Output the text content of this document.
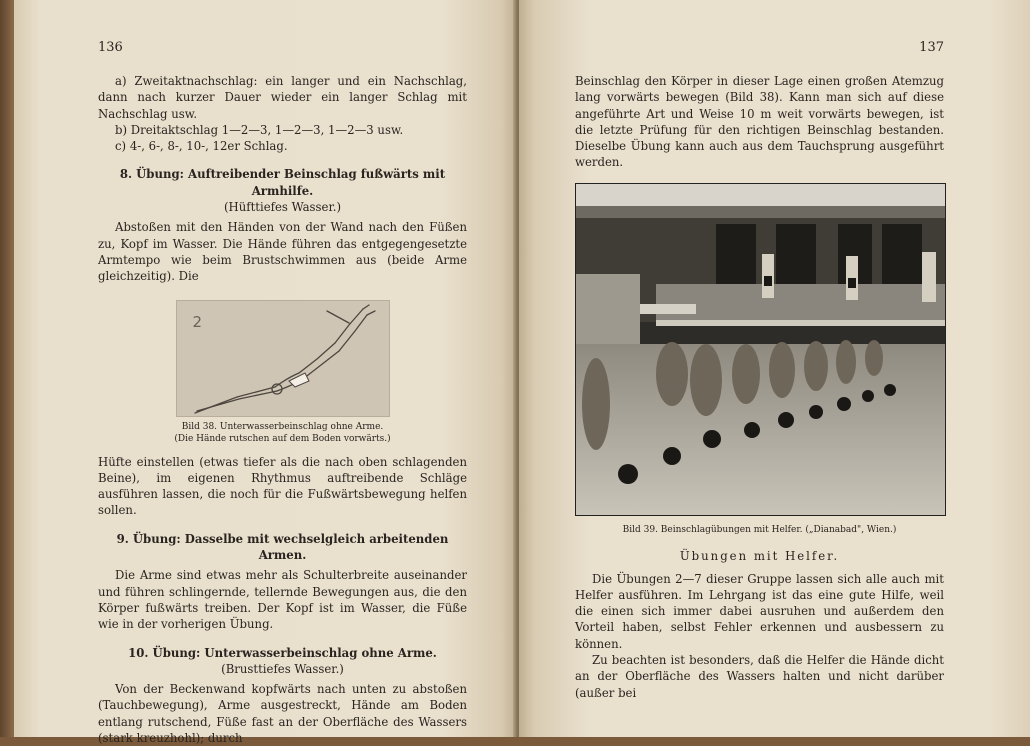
136

a) Zweitaktnachschlag: ein langer und ein Nachschlag, dann nach kurzer Dauer wieder ein langer Schlag mit Nachschlag usw.

b) Dreitaktschlag 1—2—3, 1—2—3, 1—2—3 usw.

c) 4-, 6-, 8-, 10-, 12er Schlag.

8. Übung: Auftreibender Beinschlag fußwärts mit Armhilfe.

(Hüfttiefes Wasser.)

Abstoßen mit den Händen von der Wand nach den Füßen zu, Kopf im Wasser. Die Hände führen das entgegengesetzte Armtempo wie beim Brustschwimmen aus (beide Arme gleichzeitig). Die

2

Bild 38. Unterwasserbeinschlag ohne Arme.
(Die Hände rutschen auf dem Boden vorwärts.)

Hüfte einstellen (etwas tiefer als die nach oben schlagenden Beine), im eigenen Rhythmus auftreibende Schläge ausführen lassen, die noch für die Fußwärtsbewegung helfen sollen.

9. Übung: Dasselbe mit wechselgleich arbeitenden Armen.

Die Arme sind etwas mehr als Schulterbreite auseinander und führen schlingernde, tellernde Bewegungen aus, die den Körper fußwärts treiben. Der Kopf ist im Wasser, die Füße wie in der vorherigen Übung.

10. Übung: Unterwasserbeinschlag ohne Arme.

(Brusttiefes Wasser.)

Von der Beckenwand kopfwärts nach unten zu abstoßen (Tauchbewegung), Arme ausgestreckt, Hände am Boden entlang rutschend, Füße fast an der Oberfläche des Wassers (stark kreuzhohl); durch

137

Beinschlag den Körper in dieser Lage einen großen Atemzug lang vorwärts bewegen (Bild 38). Kann man sich auf diese angeführte Art und Weise 10 m weit vorwärts bewegen, ist die letzte Prüfung für den richtigen Beinschlag bestanden. Dieselbe Übung kann auch aus dem Tauchsprung ausgeführt werden.

Bild 39. Beinschlagübungen mit Helfer. („Dianabad", Wien.)

Übungen mit Helfer.

Die Übungen 2—7 dieser Gruppe lassen sich alle auch mit Helfer ausführen. Im Lehrgang ist das eine gute Hilfe, weil die einen sich immer dabei ausruhen und außerdem den Vorteil haben, selbst Fehler erkennen und ausbessern zu können.

Zu beachten ist besonders, daß die Helfer die Hände dicht an der Oberfläche des Wassers halten und nicht darüber (außer bei
